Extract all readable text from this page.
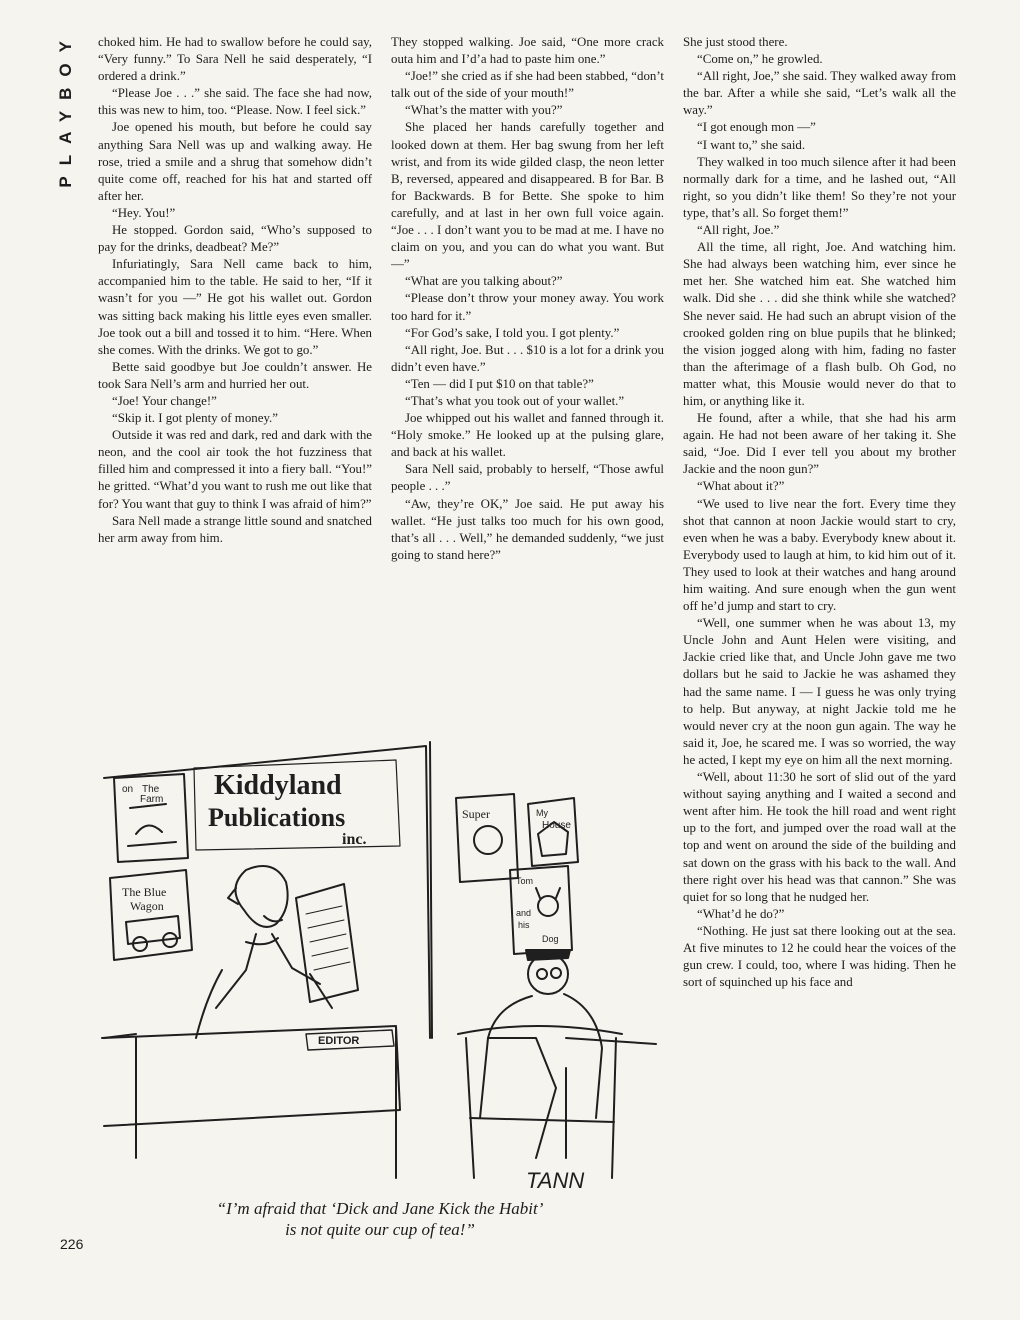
PLAYBOY choked him. He had to swallow before he could say, “Very funny.” To Sara Nell he said desperately, “I ordered a drink.”

“Please Joe . . .” she said. The face she had now, this was new to him, too. “Please. Now. I feel sick.”

Joe opened his mouth, but before he could say anything Sara Nell was up and walking away. He rose, tried a smile and a shrug that somehow didn’t quite come off, reached for his hat and started off after her.

“Hey. You!”

He stopped. Gordon said, “Who’s supposed to pay for the drinks, deadbeat? Me?”

Infuriatingly, Sara Nell came back to him, accompanied him to the table. He said to her, “If it wasn’t for you —” He got his wallet out. Gordon was sitting back making his little eyes even smaller. Joe took out a bill and tossed it to him. “Here. When she comes. With the drinks. We got to go.”

Bette said goodbye but Joe couldn’t answer. He took Sara Nell’s arm and hurried her out.

“Joe! Your change!”

“Skip it. I got plenty of money.”

Outside it was red and dark, red and dark with the neon, and the cool air took the hot fuzziness that filled him and compressed it into a fiery ball. “You!” he gritted. “What’d you want to rush me out like that for? You want that guy to think I was afraid of him?”

Sara Nell made a strange little sound and snatched her arm away from him.

They stopped walking. Joe said, “One more crack outa him and I’d’a had to paste him one.”

“Joe!” she cried as if she had been stabbed, “don’t talk out of the side of your mouth!”

“What’s the matter with you?”

She placed her hands carefully together and looked down at them. Her bag swung from her left wrist, and from its wide gilded clasp, the neon letter B, reversed, appeared and disappeared. B for Bar. B for Backwards. B for Bette. She spoke to him carefully, and at last in her own full voice again. “Joe . . . I don’t want you to be mad at me. I have no claim on you, and you can do what you want. But —”

“What are you talking about?”

“Please don’t throw your money away. You work too hard for it.”

“For God’s sake, I told you. I got plenty.”

“All right, Joe. But . . . $10 is a lot for a drink you didn’t even have.”

“Ten — did I put $10 on that table?”

“That’s what you took out of your wallet.”

Joe whipped out his wallet and fanned through it. “Holy smoke.” He looked up at the pulsing glare, and back at his wallet.

Sara Nell said, probably to herself, “Those awful people . . .”

“Aw, they’re OK,” Joe said. He put away his wallet. “He just talks too much for his own good, that’s all . . . Well,” he demanded suddenly, “we just going to stand here?”

She just stood there.

“Come on,” he growled.

“All right, Joe,” she said. They walked away from the bar. After a while she said, “Let’s walk all the way.”

“I got enough mon —”

“I want to,” she said.

They walked in too much silence after it had been normally dark for a time, and he lashed out, “All right, so you didn’t like them! So they’re not your type, that’s all. So forget them!”

“All right, Joe.”

All the time, all right, Joe. And watching him. She had always been watching him, ever since he met her. She watched him eat. She watched him walk. Did she . . . did she think while she watched? She never said. He had such an abrupt vision of the crooked golden ring on blue pupils that he blinked; the vision jogged along with him, fading no faster than the afterimage of a flash bulb. Oh God, no matter what, this Mousie would never do that to him, or anything like it.

He found, after a while, that she had his arm again. He had not been aware of her taking it. She said, “Joe. Did I ever tell you about my brother Jackie and the noon gun?”

“What about it?”

“We used to live near the fort. Every time they shot that cannon at noon Jackie would start to cry, even when he was a baby. Everybody knew about it. Everybody used to laugh at him, to kid him out of it. They used to look at their watches and hang around him waiting. And sure enough when the gun went off he’d jump and start to cry.

“Well, one summer when he was about 13, my Uncle John and Aunt Helen were visiting, and Jackie cried like that, and Uncle John gave me two dollars but he said to Jackie he was ashamed they had the same name. I — I guess he was only trying to help. But anyway, at night Jackie told me he would never cry at the noon gun again. The way he said it, Joe, he scared me. I was so worried, the way he acted, I kept my eye on him all the next morning.

“Well, about 11:30 he sort of slid out of the yard without saying anything and I waited a second and went after him. He took the hill road and went right up to the fort, and jumped over the road wall at the top and went on around the side of the building and sat down on the grass with his back to the wall. And there right over his head was that cannon.” She was quiet for so long that he nudged her.

“What’d he do?”

“Nothing. He just sat there looking out at the sea. At five minutes to 12 he could hear the voices of the gun crew. I could, too, where I was hiding. Then he sort of squinched up his face and

Kiddyland
Publications
inc.
on The
Farm
The Blue
Wagon
Super	My
House
Tom
and
his
Dog
EDITOR
TANN
“I’m afraid that ‘Dick and Jane Kick the Habit’
is not quite our cup of tea!”
226
